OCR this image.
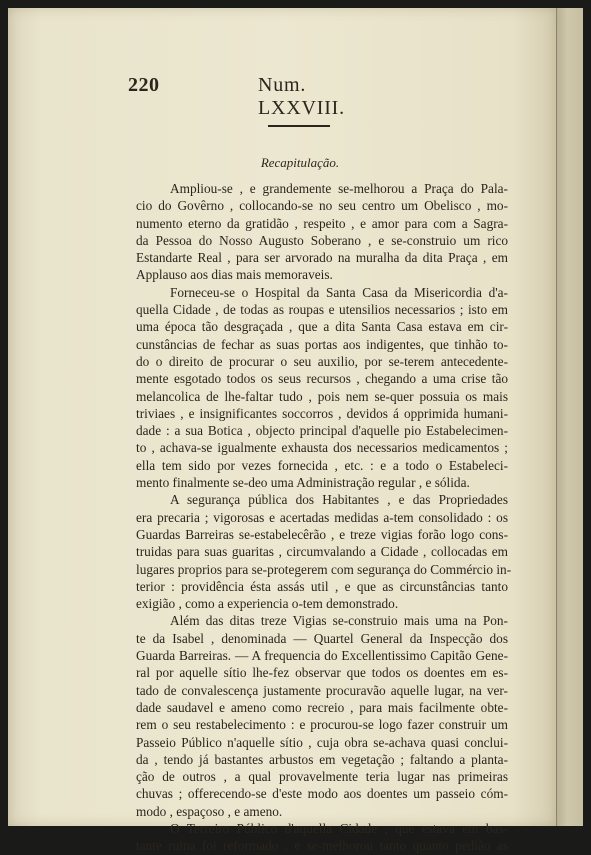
220	Num. LXXVIII.
Recapitulação.
Ampliou-se , e grandemente se-melhorou a Praça do Pala-
cio do Govêrno , collocando-se no seu centro um Obelisco , mo-
numento eterno da gratidão , respeito , e amor para com a Sagra-
da Pessoa do Nosso Augusto Soberano , e se-construio um rico
Estandarte Real , para ser arvorado na muralha da dita Praça , em
Applauso aos dias mais memoraveis.
Forneceu-se o Hospital da Santa Casa da Misericordia d'a-
quella Cidade , de todas as roupas e utensilios necessarios ; isto em
uma época tão desgraçada , que a dita Santa Casa estava em cir-
cunstâncias de fechar as suas portas aos indigentes, que tinhão to-
do o direito de procurar o seu auxilio, por se-terem antecedente-
mente esgotado todos os seus recursos , chegando a uma crise tão
melancolica de lhe-faltar tudo , pois nem se-quer possuia os mais
triviaes , e insignificantes soccorros , devidos á opprimida humani-
dade : a sua Botica , objecto principal d'aquelle pio Estabelecimen-
to , achava-se igualmente exhausta dos necessarios medicamentos ;
ella tem sido por vezes fornecida , etc. : e a todo o Estabeleci-
mento finalmente se-deo uma Administração regular , e sólida.
A segurança pública dos Habitantes , e das Propriedades
era precaria ; vigorosas e acertadas medidas a-tem consolidado : os
Guardas Barreiras se-estabelecêrão , e treze vigias forão logo cons-
truidas para suas guaritas , circumvalando a Cidade , collocadas em
lugares proprios para se-protegerem com segurança do Commércio in-
terior : providência ésta assás util , e que as circunstâncias tanto
exigião , como a experiencia o-tem demonstrado.
Além das ditas treze Vigias se-construio mais uma na Pon-
te da Isabel , denominada — Quartel General da Inspecção dos
Guarda Barreiras. — A frequencia do Excellentissimo Capitão Gene-
ral por aquelle sítio lhe-fez observar que todos os doentes em es-
tado de convalescença justamente procuravão aquelle lugar, na ver-
dade saudavel e ameno como recreio , para mais facilmente obte-
rem o seu restabelecimento : e procurou-se logo fazer construir um
Passeio Público n'aquelle sítio , cuja obra se-achava quasi conclui-
da , tendo já bastantes arbustos em vegetação ; faltando a planta-
ção de outros , a qual provavelmente teria lugar nas primeiras
chuvas ; offerecendo-se d'este modo aos doentes um passeio cóm-
modo , espaçoso , e ameno.
O Terreiro Público d'aquella Cidade , que estava em bas-
tante ruina foi reformado , e se-melhorou tanto quanto pedião as
